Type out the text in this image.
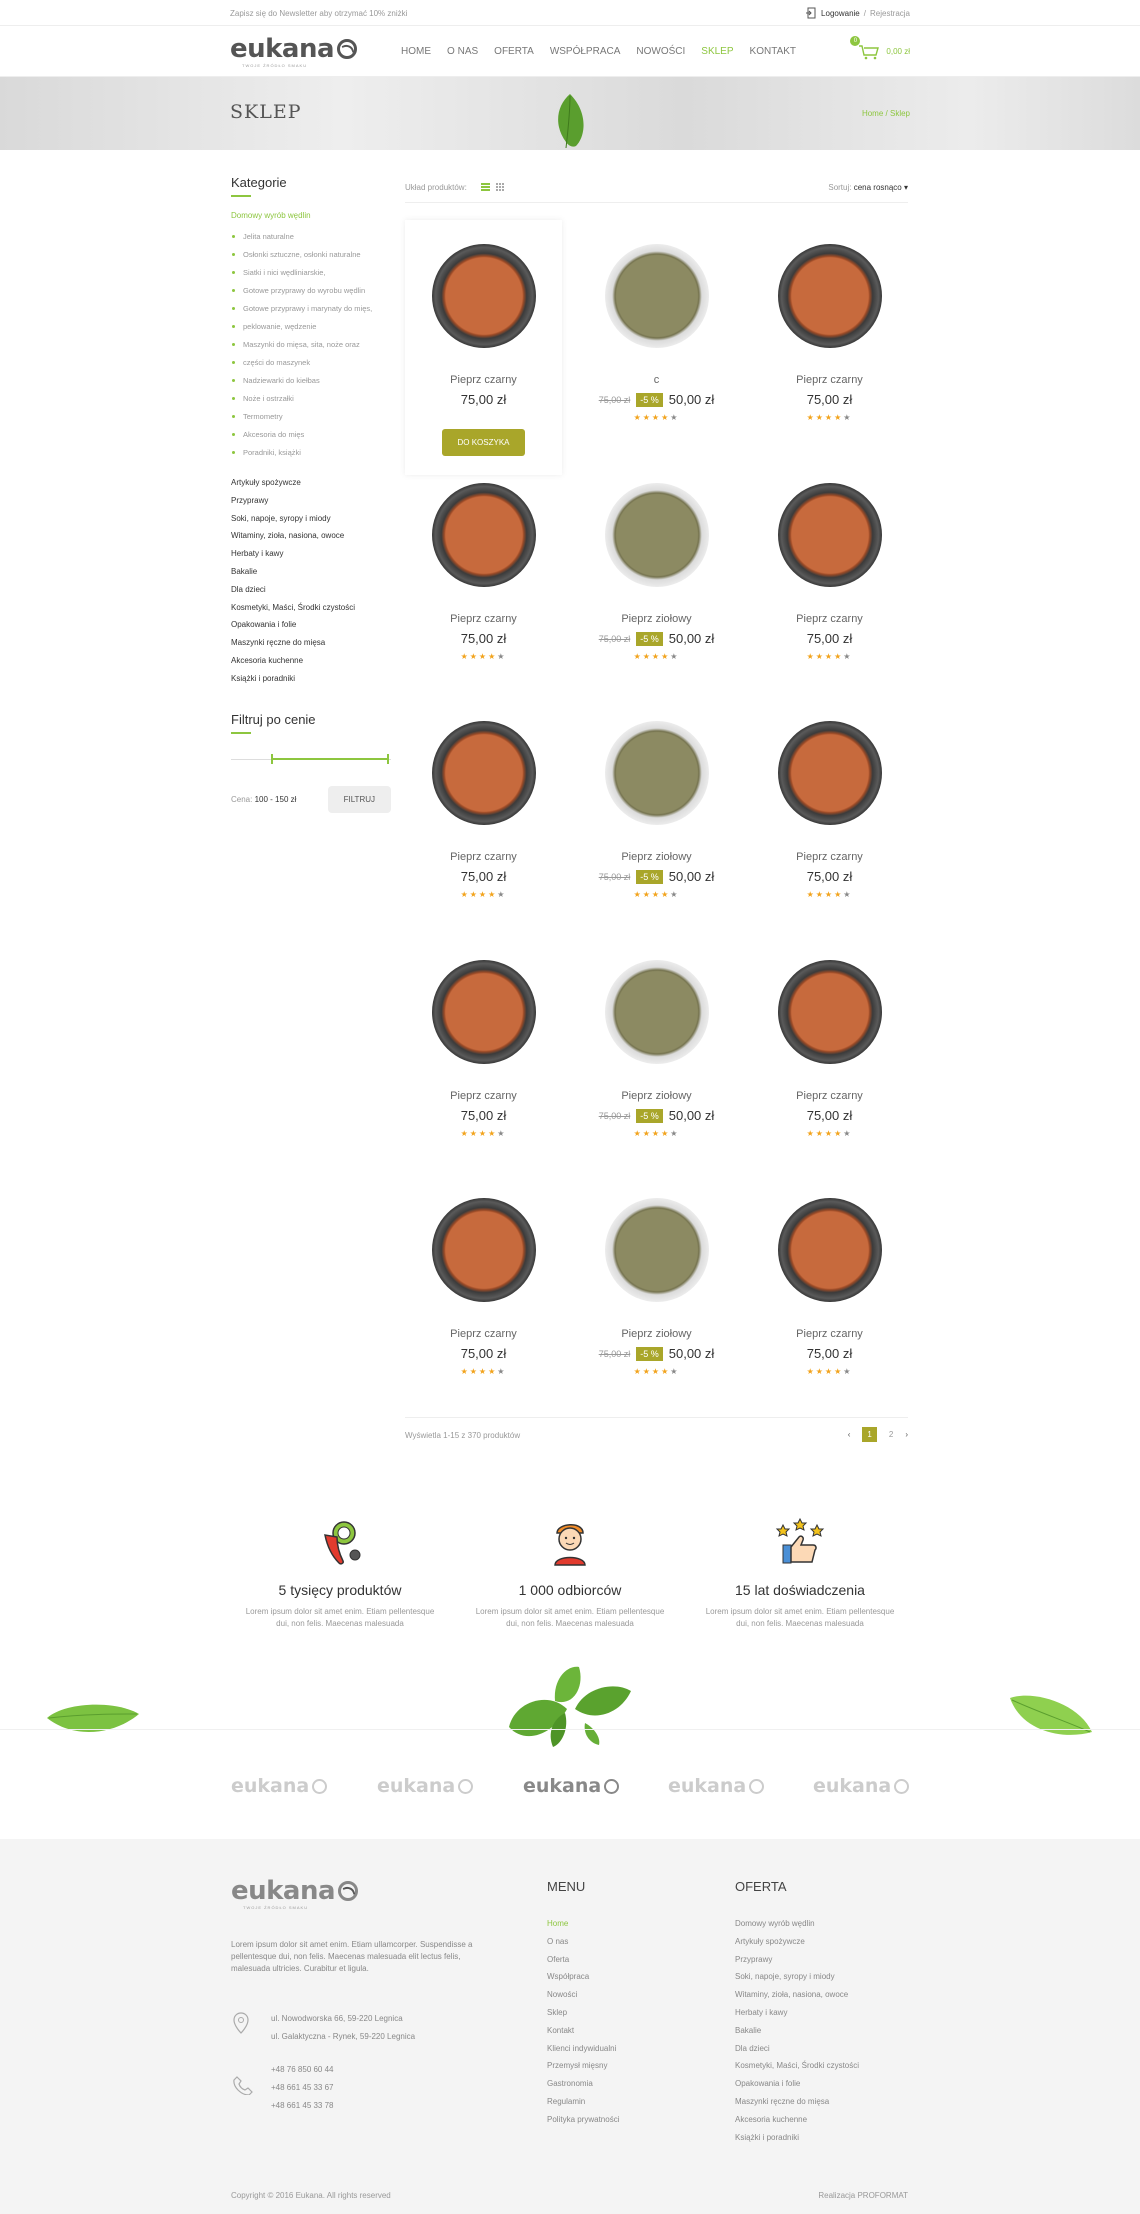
Zapisz się do Newsletter aby otrzymać 10% zniżki	Logowanie / Rejestracja
eukana
TWOJE ŹRÓDŁO SMAKU
HOME O NAS OFERTA WSPÓŁPRACA NOWOŚCI SKLEP KONTAKT
0
0,00 zł
SKLEP	Home / Sklep
Kategorie
Domowy wyrób wędlin
Jelita naturalne
Osłonki sztuczne, osłonki naturalne
Siatki i nici wędliniarskie,
Gotowe przyprawy do wyrobu wędlin
Gotowe przyprawy i marynaty do mięs,
peklowanie, wędzenie
Maszynki do mięsa, sita, noże oraz
części do maszynek
Nadziewarki do kiełbas
Noże i ostrzałki
Termometry
Akcesoria do mięs
Poradniki, książki
Artykuły spożywcze
Przyprawy
Soki, napoje, syropy i miody
Witaminy, zioła, nasiona, owoce
Herbaty i kawy
Bakalie
Dla dzieci
Kosmetyki, Maści, Środki czystości
Opakowania i folie
Maszynki ręczne do mięsa
Akcesoria kuchenne
Książki i poradniki
Filtruj po cenie
Cena: 100 - 150 zł	FILTRUJ
Układ produktów:	Sortuj: cena rosnąco ▾
Pieprz czarny
75,00 zł
DO KOSZYKA
c
75,00 zł	-5 % 50,00 zł
★★★★★
Pieprz czarny
75,00 zł
★★★★★
Pieprz czarny
75,00 zł
★★★★★
Pieprz ziołowy
75,00 zł	-5 % 50,00 zł
★★★★★
Pieprz czarny
75,00 zł
★★★★★
Pieprz czarny
75,00 zł
★★★★★
Pieprz ziołowy
75,00 zł	-5 % 50,00 zł
★★★★★
Pieprz czarny
75,00 zł
★★★★★
Pieprz czarny
75,00 zł
★★★★★
Pieprz ziołowy
75,00 zł	-5 % 50,00 zł
★★★★★
Pieprz czarny
75,00 zł
★★★★★
Pieprz czarny
75,00 zł
★★★★★
Pieprz ziołowy
75,00 zł	-5 % 50,00 zł
★★★★★
Pieprz czarny
75,00 zł
★★★★★
Wyświetla 1-15 z 370 produktów	‹	1	2 ›
5 tysięcy produktów
Lorem ipsum dolor sit amet enim. Etiam pellentesque dui, non felis. Maecenas malesuada
1 000 odbiorców
Lorem ipsum dolor sit amet enim. Etiam pellentesque dui, non felis. Maecenas malesuada
15 lat doświadczenia
Lorem ipsum dolor sit amet enim. Etiam pellentesque dui, non felis. Maecenas malesuada
eukana	eukana	eukana	eukana	eukana
eukana
TWOJE ŹRÓDŁO SMAKU
Lorem ipsum dolor sit amet enim. Etiam ullamcorper. Suspendisse a pellentesque dui, non felis. Maecenas malesuada elit lectus felis, malesuada ultricies. Curabitur et ligula.
ul. Nowodworska 66, 59-220 Legnica
ul. Galaktyczna - Rynek, 59-220 Legnica
+48 76 850 60 44
+48 661 45 33 67
+48 661 45 33 78
MENU
Home
O nas
Oferta
Współpraca
Nowości
Sklep
Kontakt
Klienci indywidualni
Przemysł mięsny
Gastronomia
Regulamin
Polityka prywatności
OFERTA
Domowy wyrób wędlin
Artykuły spożywcze
Przyprawy
Soki, napoje, syropy i miody
Witaminy, zioła, nasiona, owoce
Herbaty i kawy
Bakalie
Dla dzieci
Kosmetyki, Maści, Środki czystości
Opakowania i folie
Maszynki ręczne do mięsa
Akcesoria kuchenne
Książki i poradniki
Copyright © 2016 Eukana. All rights reserved	Realizacja PROFORMAT
